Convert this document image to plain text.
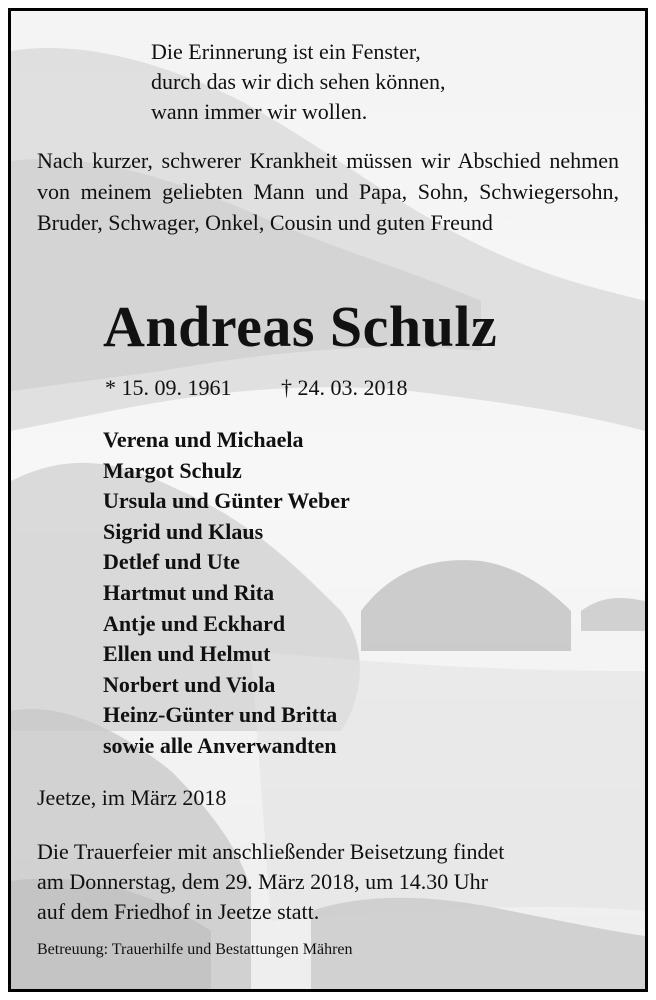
Die Erinnerung ist ein Fenster,
durch das wir dich sehen können,
wann immer wir wollen.
Nach kurzer, schwerer Krankheit müssen wir Abschied nehmen von meinem geliebten Mann und Papa, Sohn, Schwiegersohn, Bruder, Schwager, Onkel, Cousin und guten Freund
Andreas Schulz
* 15. 09. 1961 † 24. 03. 2018
Verena und Michaela
Margot Schulz
Ursula und Günter Weber
Sigrid und Klaus
Detlef und Ute
Hartmut und Rita
Antje und Eckhard
Ellen und Helmut
Norbert und Viola
Heinz-Günter und Britta
sowie alle Anverwandten
Jeetze, im März 2018
Die Trauerfeier mit anschließender Beisetzung findet
am Donnerstag, dem 29. März 2018, um 14.30 Uhr
auf dem Friedhof in Jeetze statt.
Betreuung: Trauerhilfe und Bestattungen Mähren
